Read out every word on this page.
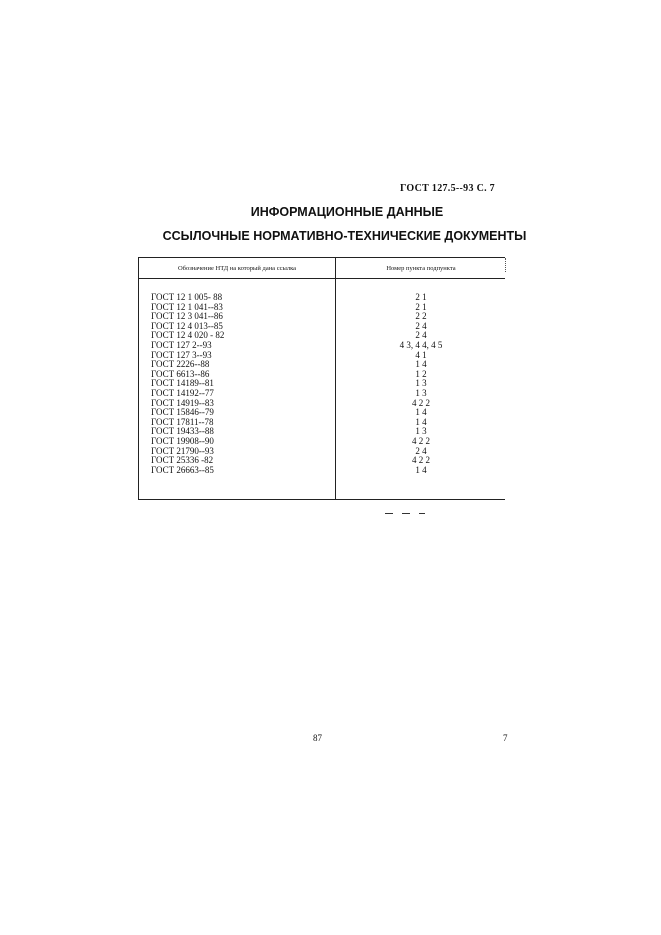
ГОСТ 127.5--93 С. 7
ИНФОРМАЦИОННЫЕ ДАННЫЕ
ССЫЛОЧНЫЕ НОРМАТИВНО-ТЕХНИЧЕСКИЕ ДОКУМЕНТЫ
Обозначение НТД на который дана ссылка	Номер пункта подпункта
ГОСТ 12 1 005- 88	2 1
ГОСТ 12 1 041--83	2 1
ГОСТ 12 3 041--86	2 2
ГОСТ 12 4 013--85	2 4
ГОСТ 12 4 020 - 82	2 4
ГОСТ 127 2--93	4 3, 4 4, 4 5
ГОСТ 127 3--93	4 1
ГОСТ 2226--88	1 4
ГОСТ 6613--86	1 2
ГОСТ 14189--81	1 3
ГОСТ 14192--77	1 3
ГОСТ 14919--83	4 2 2
ГОСТ 15846--79	1 4
ГОСТ 17811--78	1 4
ГОСТ 19433--88	1 3
ГОСТ 19908--90	4 2 2
ГОСТ 21790--93	2 4
ГОСТ 25336 -82	4 2 2
ГОСТ 26663--85	1 4
87	7
